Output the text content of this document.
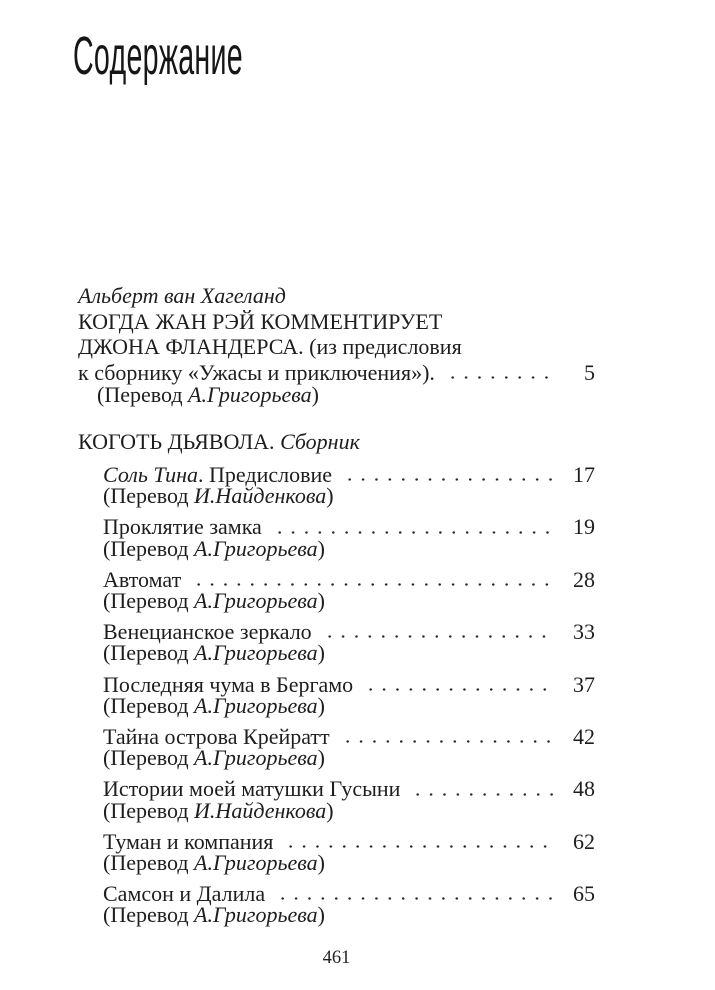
Содержание
Альберт ван Хагеланд
КОГДА ЖАН РЭЙ КОММЕНТИРУЕТ
ДЖОНА ФЛАНДЕРСА. (из предисловия
к сборнику «Ужасы и приключения»).	5
(Перевод А.Григорьева)
КОГОТЬ ДЬЯВОЛА. Сборник
Соль Тина. Предисловие	17
(Перевод И.Найденкова)
Проклятие замка	19
(Перевод А.Григорьева)
Автомат	28
(Перевод А.Григорьева)
Венецианское зеркало	33
(Перевод А.Григорьева)
Последняя чума в Бергамо	37
(Перевод А.Григорьева)
Тайна острова Крейратт	42
(Перевод А.Григорьева)
Истории моей матушки Гусыни	48
(Перевод И.Найденкова)
Туман и компания	62
(Перевод А.Григорьева)
Самсон и Далила	65
(Перевод А.Григорьева)
461
